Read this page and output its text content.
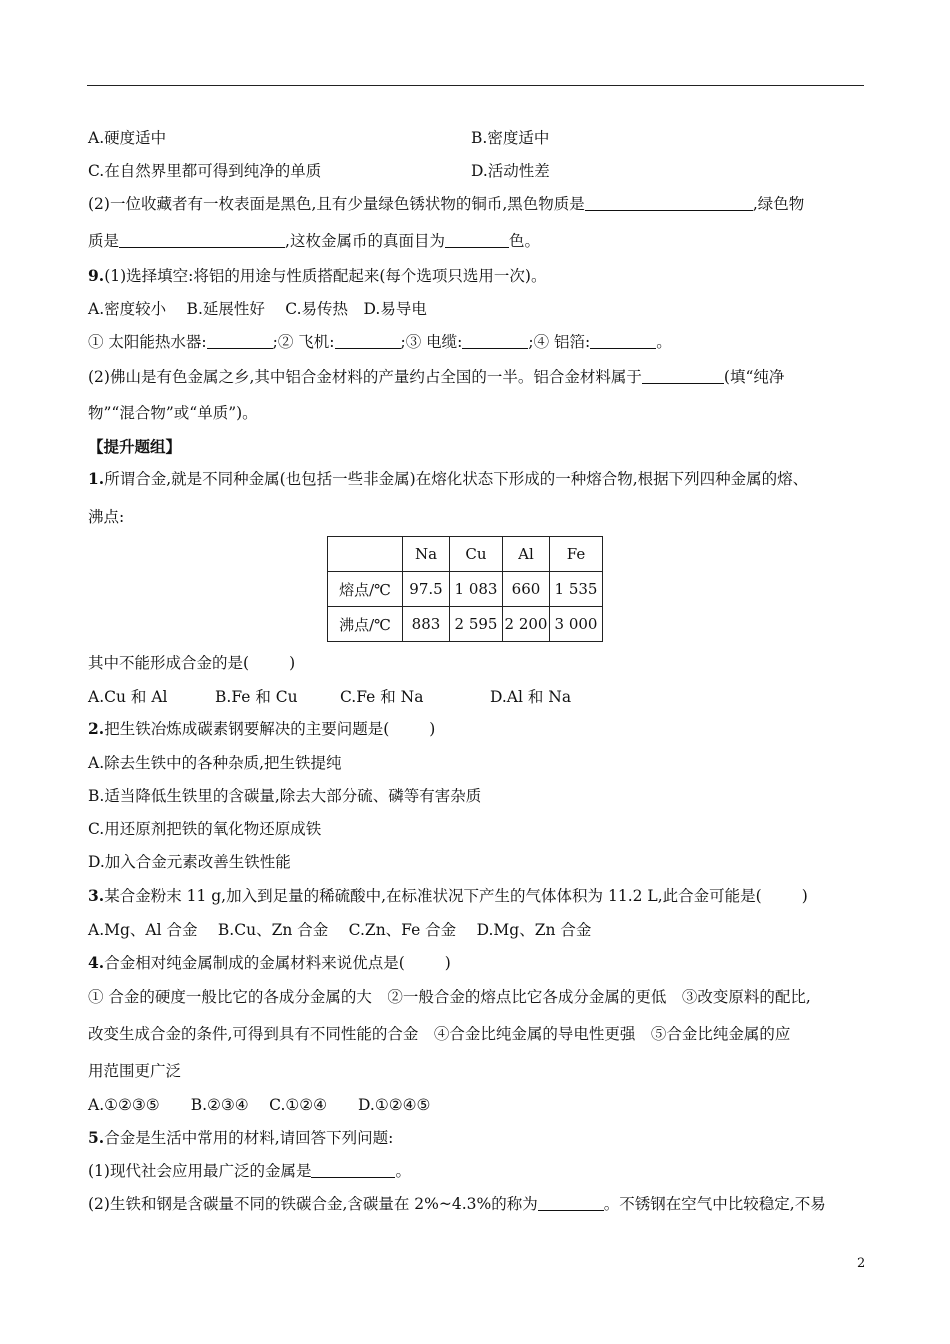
A.硬度适中	B.密度适中
C.在自然界里都可得到纯净的单质	D.活动性差
(2)一位收藏者有一枚表面是黑色,且有少量绿色锈状物的铜币,黑色物质是	,绿色物
质是	,这枚金属币的真面目为	色。
9.(1)选择填空:将铝的用途与性质搭配起来(每个选项只选用一次)。
A.密度较小　 B.延展性好　 C.易传热　D.易导电
① 太阳能热水器:	;② 飞机:	;③ 电缆:	;④ 铝箔:	。
(2)佛山是有色金属之乡,其中铝合金材料的产量约占全国的一半。铝合金材料属于	(填“纯净
物”“混合物”或“单质”)。
【提升题组】
1.所谓合金,就是不同种金属(也包括一些非金属)在熔化状态下形成的一种熔合物,根据下列四种金属的熔、
沸点:
	Na	Cu	Al	Fe
熔点/℃	97.5	1 083	660	1 535
沸点/℃	883	2 595	2 200	3 000
其中不能形成合金的是(	)
A.Cu 和 Al	B.Fe 和 Cu	C.Fe 和 Na	D.Al 和 Na
2.把生铁冶炼成碳素钢要解决的主要问题是(	)
A.除去生铁中的各种杂质,把生铁提纯
B.适当降低生铁里的含碳量,除去大部分硫、磷等有害杂质
C.用还原剂把铁的氧化物还原成铁
D.加入合金元素改善生铁性能
3.某合金粉末 11 g,加入到足量的稀硫酸中,在标准状况下产生的气体体积为 11.2 L,此合金可能是(	)
A.Mg、Al 合金　 B.Cu、Zn 合金　 C.Zn、Fe 合金　 D.Mg、Zn 合金
4.合金相对纯金属制成的金属材料来说优点是(	)
① 合金的硬度一般比它的各成分金属的大　②一般合金的熔点比它各成分金属的更低　③改变原料的配比,
改变生成合金的条件,可得到具有不同性能的合金　④合金比纯金属的导电性更强　⑤合金比纯金属的应
用范围更广泛
A.①②③⑤　　B.②③④　 C.①②④　　D.①②④⑤
5.合金是生活中常用的材料,请回答下列问题:
(1)现代社会应用最广泛的金属是	。
(2)生铁和钢是含碳量不同的铁碳合金,含碳量在 2%~4.3%的称为	。不锈钢在空气中比较稳定,不易
2
